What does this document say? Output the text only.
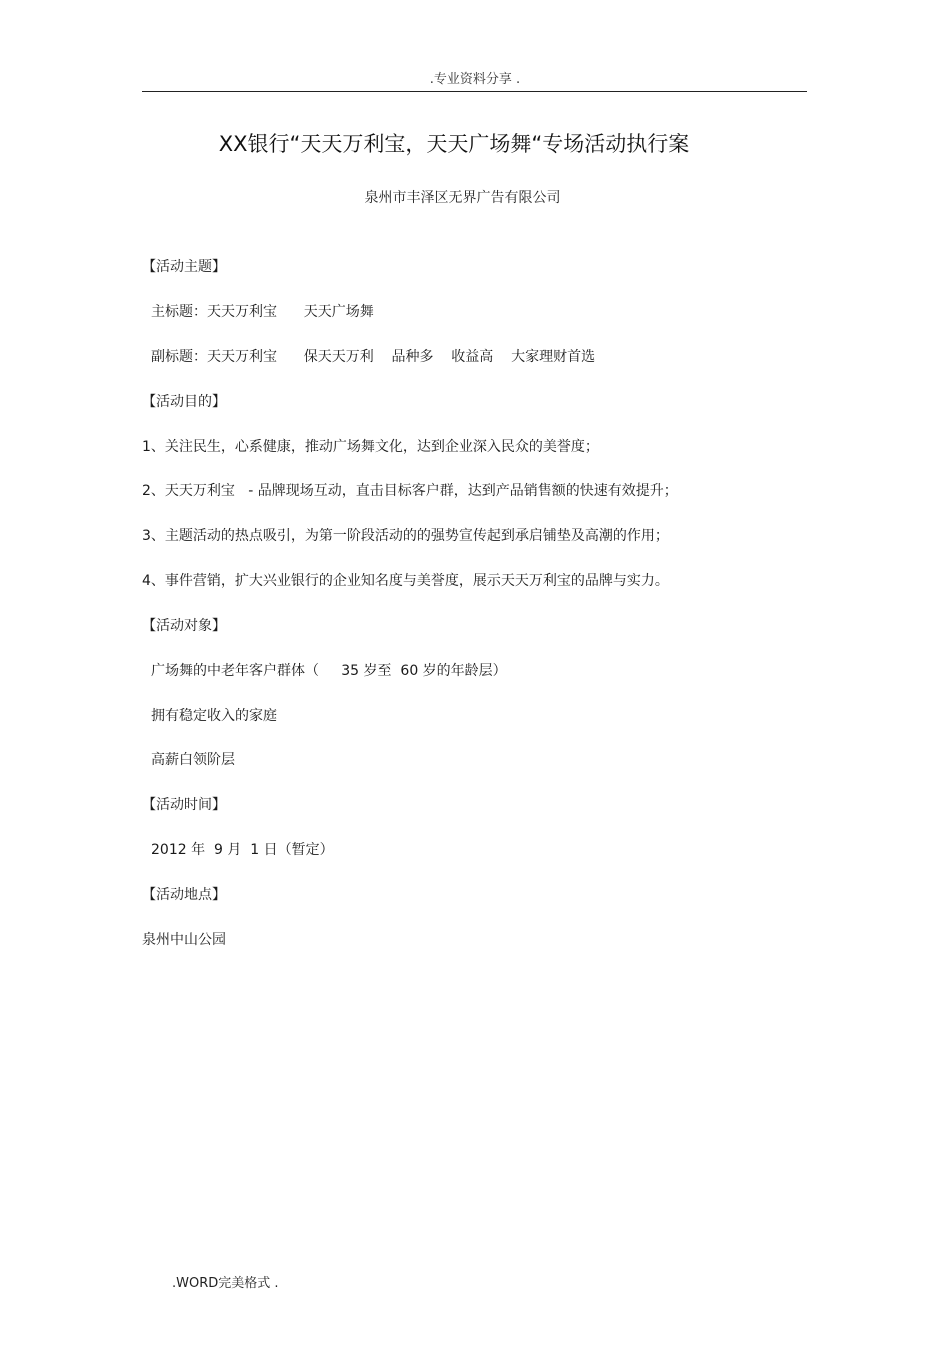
.专业资料分享 .
XX银行“天天万利宝，天天广场舞“专场活动执行案
泉州市丰泽区无界广告有限公司
【活动主题】
主标题：天天万利宝      天天广场舞
副标题：天天万利宝      保天天万利    品种多    收益高    大家理财首选
【活动目的】
1、关注民生，心系健康，推动广场舞文化，达到企业深入民众的美誉度；
2、天天万利宝   - 品牌现场互动，直击目标客户群，达到产品销售额的快速有效提升；
3、主题活动的热点吸引，为第一阶段活动的的强势宣传起到承启铺垫及高潮的作用；
4、事件营销，扩大兴业银行的企业知名度与美誉度，展示天天万利宝的品牌与实力。
【活动对象】
广场舞的中老年客户群体（     35 岁至  60 岁的年龄层）
拥有稳定收入的家庭
高薪白领阶层
【活动时间】
2012 年  9 月  1 日（暂定）
【活动地点】
泉州中山公园
.WORD完美格式 .
